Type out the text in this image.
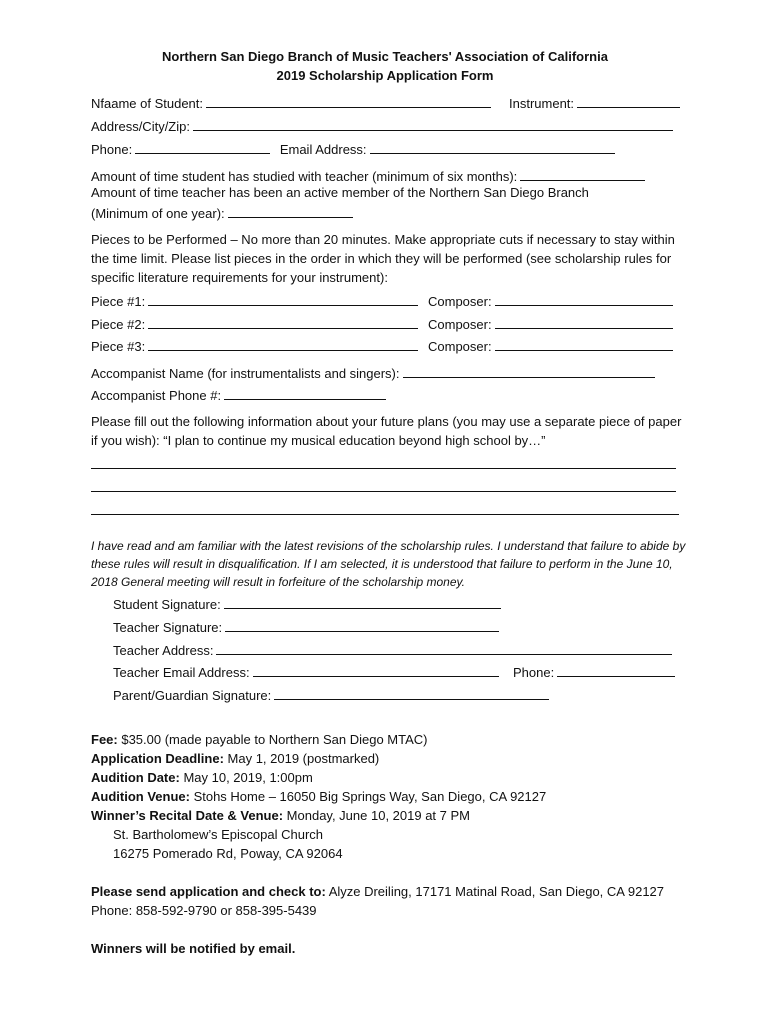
Northern San Diego Branch of Music Teachers' Association of California
2019 Scholarship Application Form
Nfaame of Student:	Instrument:
Address/City/Zip:
Phone:	Email Address:
Amount of time student has studied with teacher (minimum of six months):
Amount of time teacher has been an active member of the Northern San Diego Branch
(Minimum of one year):
Pieces to be Performed – No more than 20 minutes. Make appropriate cuts if necessary to stay within the time limit. Please list pieces in the order in which they will be performed (see scholarship rules for specific literature requirements for your instrument):
Piece #1:	Composer:
Piece #2:	Composer:
Piece #3:	Composer:
Accompanist Name (for instrumentalists and singers):
Accompanist Phone #:
Please fill out the following information about your future plans (you may use a separate piece of paper if you wish): “I plan to continue my musical education beyond high school by…”
I have read and am familiar with the latest revisions of the scholarship rules. I understand that failure to abide by these rules will result in disqualification. If I am selected, it is understood that failure to perform in the June 10, 2018 General meeting will result in forfeiture of the scholarship money.
Student Signature:
Teacher Signature:
Teacher Address:
Teacher Email Address:	Phone:
Parent/Guardian Signature:
Fee: $35.00 (made payable to Northern San Diego MTAC)
Application Deadline: May 1, 2019 (postmarked)
Audition Date: May 10, 2019, 1:00pm
Audition Venue: Stohs Home – 16050 Big Springs Way, San Diego, CA 92127
Winner’s Recital Date & Venue: Monday, June 10, 2019 at 7 PM
St. Bartholomew’s Episcopal Church
16275 Pomerado Rd, Poway, CA 92064
Please send application and check to: Alyze Dreiling, 17171 Matinal Road, San Diego, CA 92127
Phone: 858-592-9790 or 858-395-5439
Winners will be notified by email.
